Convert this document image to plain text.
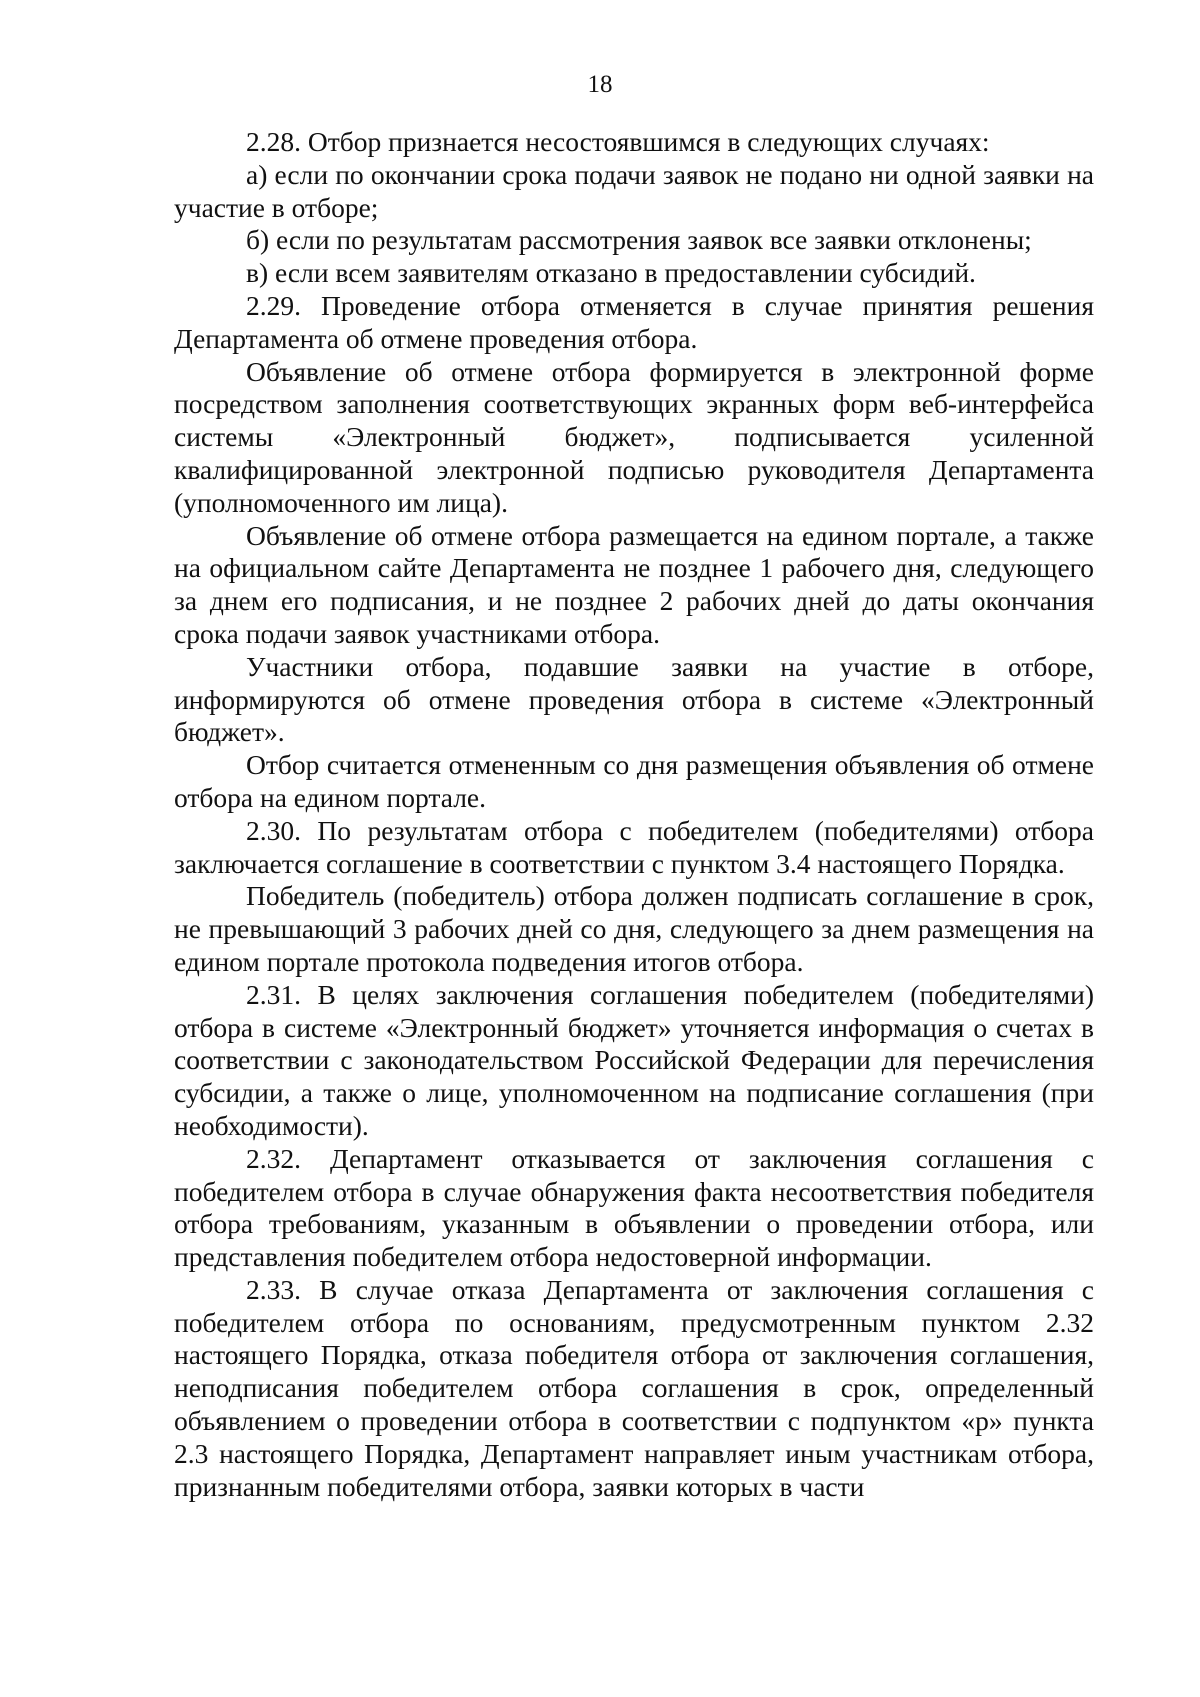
18

2.28. Отбор признается несостоявшимся в следующих случаях:

а) если по окончании срока подачи заявок не подано ни одной заявки на участие в отборе;

б) если по результатам рассмотрения заявок все заявки отклонены;

в) если всем заявителям отказано в предоставлении субсидий.

2.29. Проведение отбора отменяется в случае принятия решения Департамента об отмене проведения отбора.

Объявление об отмене отбора формируется в электронной форме посредством заполнения соответствующих экранных форм веб-интерфейса системы «Электронный бюджет», подписывается усиленной квалифицированной электронной подписью руководителя Департамента (уполномоченного им лица).

Объявление об отмене отбора размещается на едином портале, а также на официальном сайте Департамента не позднее 1 рабочего дня, следующего за днем его подписания, и не позднее 2 рабочих дней до даты окончания срока подачи заявок участниками отбора.

Участники отбора, подавшие заявки на участие в отборе, информируются об отмене проведения отбора в системе «Электронный бюджет».

Отбор считается отмененным со дня размещения объявления об отмене отбора на едином портале.

2.30. По результатам отбора с победителем (победителями) отбора заключается соглашение в соответствии с пунктом 3.4 настоящего Порядка.

Победитель (победитель) отбора должен подписать соглашение в срок, не превышающий 3 рабочих дней со дня, следующего за днем размещения на едином портале протокола подведения итогов отбора.

2.31. В целях заключения соглашения победителем (победителями) отбора в системе «Электронный бюджет» уточняется информация о счетах в соответствии с законодательством Российской Федерации для перечисления субсидии, а также о лице, уполномоченном на подписание соглашения (при необходимости).

2.32. Департамент отказывается от заключения соглашения с победителем отбора в случае обнаружения факта несоответствия победителя отбора требованиям, указанным в объявлении о проведении отбора, или представления победителем отбора недостоверной информации.

2.33. В случае отказа Департамента от заключения соглашения с победителем отбора по основаниям, предусмотренным пунктом 2.32 настоящего Порядка, отказа победителя отбора от заключения соглашения, неподписания победителем отбора соглашения в срок, определенный объявлением о проведении отбора в соответствии с подпунктом «р» пункта 2.3 настоящего Порядка, Департамент направляет иным участникам отбора, признанным победителями отбора, заявки которых в части
